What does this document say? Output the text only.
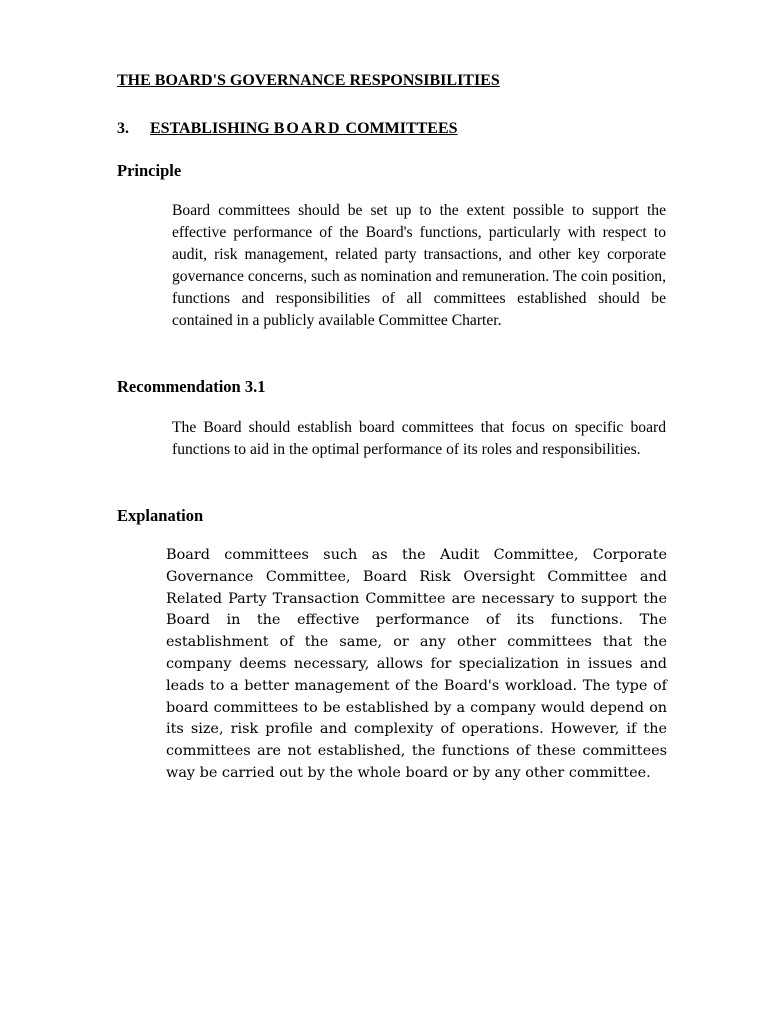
THE BOARD'S GOVERNANCE RESPONSIBILITIES
3. ESTABLISHING BOARD COMMITTEES
Principle
Board committees should be set up to the extent possible to support the effective performance of the Board's functions, particularly with respect to audit, risk management, related party transactions, and other key corporate governance concerns, such as nomination and remuneration. The coin position, functions and responsibilities of all committees established should be contained in a publicly available Committee Charter.
Recommendation 3.1
The Board should establish board committees that focus on specific board functions to aid in the optimal performance of its roles and responsibilities.
Explanation
Board committees such as the Audit Committee, Corporate Governance Committee, Board Risk Oversight Committee and Related Party Transaction Committee are necessary to support the Board in the effective performance of its functions. The establishment of the same, or any other committees that the company deems necessary, allows for specialization in issues and leads to a better management of the Board's workload. The type of board committees to be established by a company would depend on its size, risk profile and complexity of operations. However, if the committees are not established, the functions of these committees way be carried out by the whole board or by any other committee.
